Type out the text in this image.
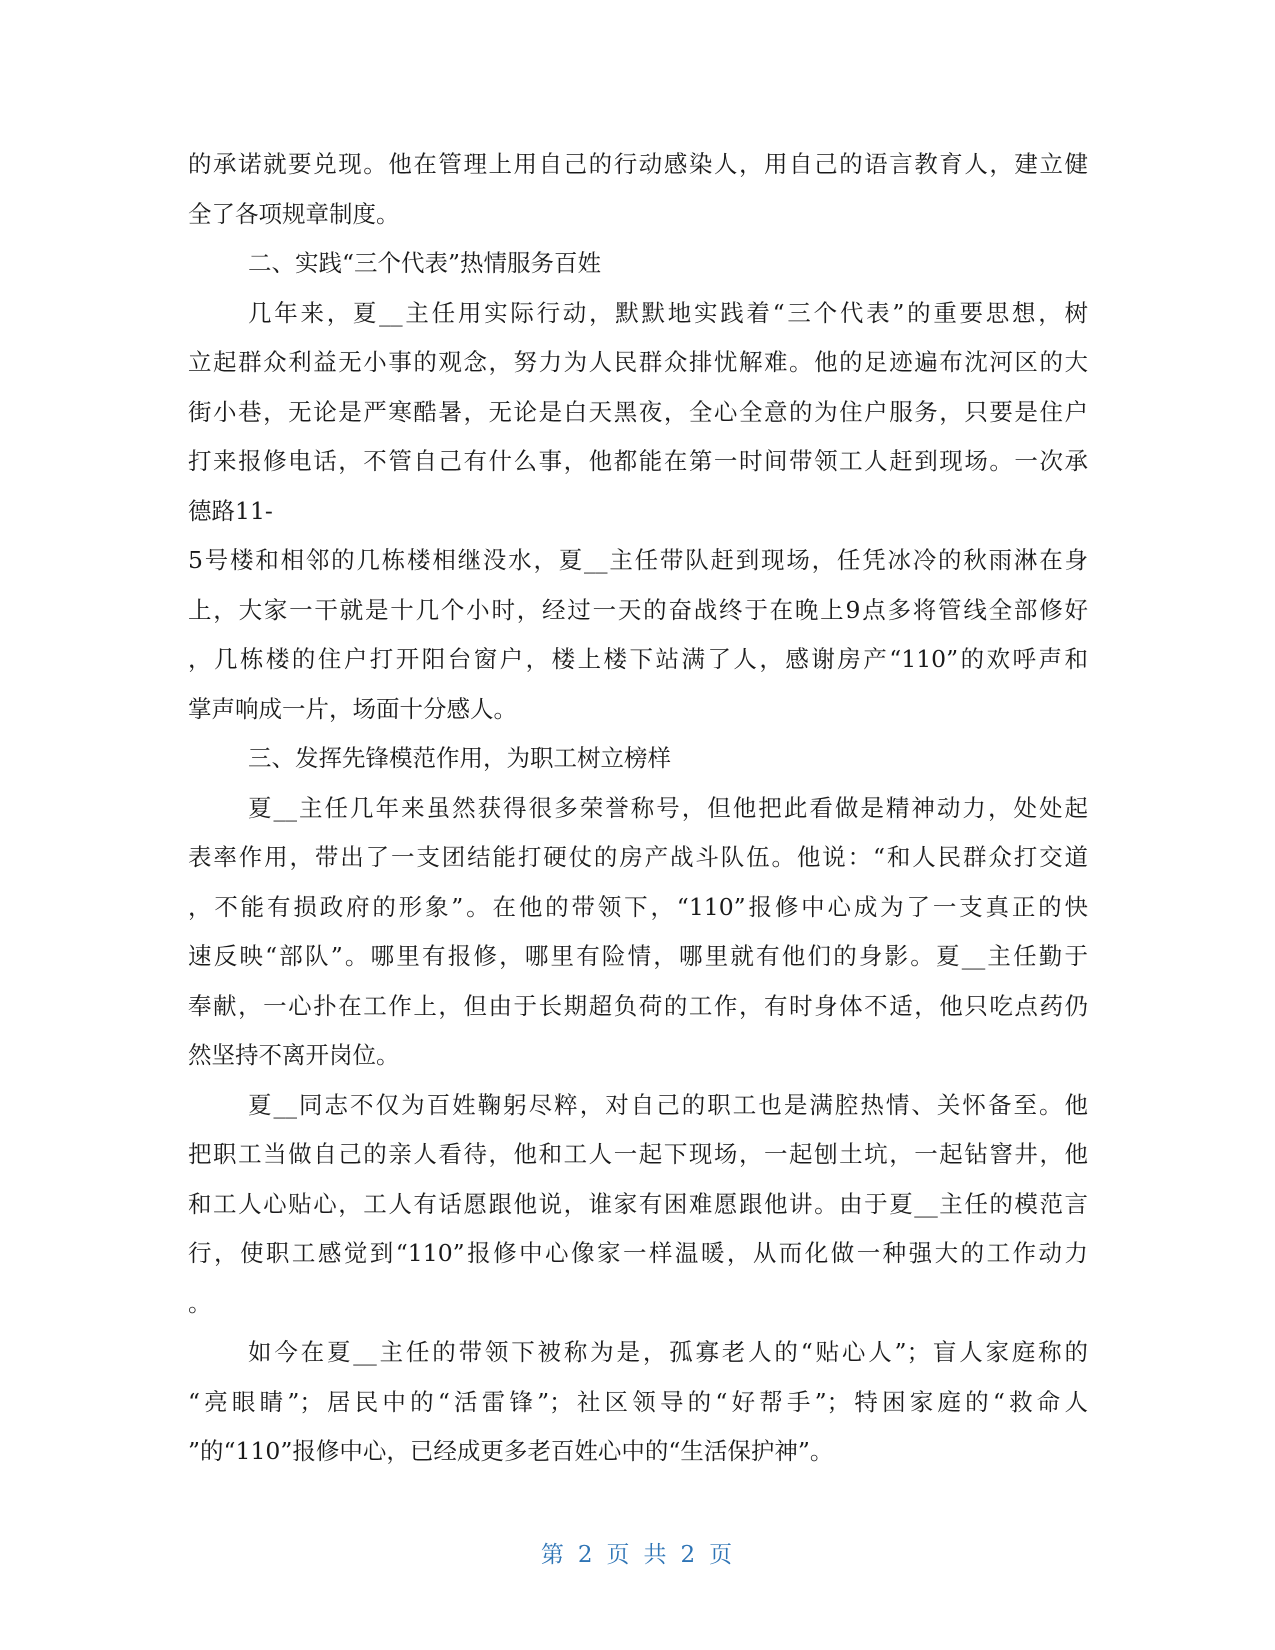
的承诺就要兑现。他在管理上用自己的行动感染人，用自己的语言教育人，建立健
全了各项规章制度。
二、实践“三个代表”热情服务百姓
几年来，夏__主任用实际行动，默默地实践着“三个代表”的重要思想，树
立起群众利益无小事的观念，努力为人民群众排忧解难。他的足迹遍布沈河区的大
街小巷，无论是严寒酷暑，无论是白天黑夜，全心全意的为住户服务，只要是住户
打来报修电话，不管自己有什么事，他都能在第一时间带领工人赶到现场。一次承
德路11-
5号楼和相邻的几栋楼相继没水，夏__主任带队赶到现场，任凭冰冷的秋雨淋在身
上，大家一干就是十几个小时，经过一天的奋战终于在晚上9点多将管线全部修好
，几栋楼的住户打开阳台窗户，楼上楼下站满了人，感谢房产“110”的欢呼声和
掌声响成一片，场面十分感人。
三、发挥先锋模范作用，为职工树立榜样
夏__主任几年来虽然获得很多荣誉称号，但他把此看做是精神动力，处处起
表率作用，带出了一支团结能打硬仗的房产战斗队伍。他说：“和人民群众打交道
，不能有损政府的形象”。在他的带领下，“110”报修中心成为了一支真正的快
速反映“部队”。哪里有报修，哪里有险情，哪里就有他们的身影。夏__主任勤于
奉献，一心扑在工作上，但由于长期超负荷的工作，有时身体不适，他只吃点药仍
然坚持不离开岗位。
夏__同志不仅为百姓鞠躬尽粹，对自己的职工也是满腔热情、关怀备至。他
把职工当做自己的亲人看待，他和工人一起下现场，一起刨土坑，一起钻窨井，他
和工人心贴心，工人有话愿跟他说，谁家有困难愿跟他讲。由于夏__主任的模范言
行，使职工感觉到“110”报修中心像家一样温暖，从而化做一种强大的工作动力
。
如今在夏__主任的带领下被称为是，孤寡老人的“贴心人”；盲人家庭称的
“亮眼睛”；居民中的“活雷锋”；社区领导的“好帮手”；特困家庭的“救命人
”的“110”报修中心，已经成更多老百姓心中的“生活保护神”。
第 2 页 共 2 页
